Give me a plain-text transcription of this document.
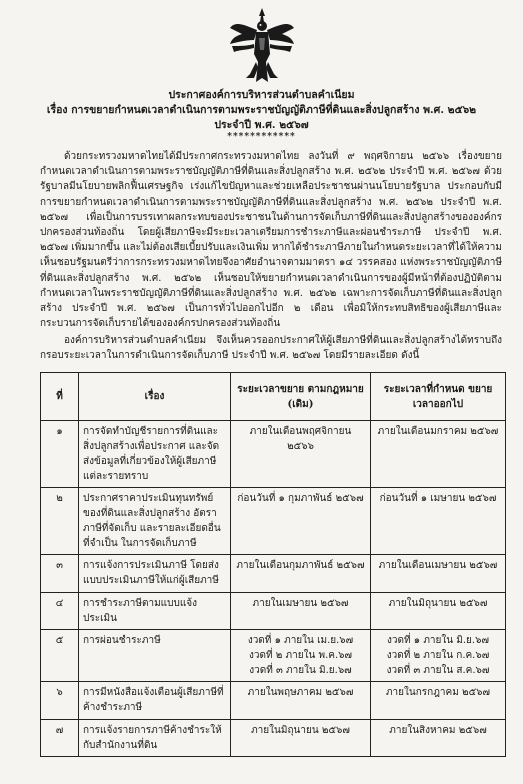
ประกาศองค์การบริหารส่วนตำบลคำเนียม
เรื่อง การขยายกำหนดเวลาดำเนินการตามพระราชบัญญัติภาษีที่ดินและสิ่งปลูกสร้าง พ.ศ. ๒๕๖๒
ประจำปี พ.ศ. ๒๕๖๗
************
ด้วยกระทรวงมหาดไทยได้มีประกาศกระทรวงมหาดไทย ลงวันที่ ๙ พฤศจิกายน ๒๕๖๖ เรื่องขยายกำหนดเวลาดำเนินการตามพระราชบัญญัติภาษีที่ดินและสิ่งปลูกสร้าง พ.ศ. ๒๕๖๒ ประจำปี พ.ศ. ๒๕๖๗ ด้วยรัฐบาลมีนโยบายพลิกฟื้นเศรษฐกิจ เร่งแก้ไขปัญหาและช่วยเหลือประชาชนผ่านนโยบายรัฐบาล ประกอบกับมีการขยายกำหนดเวลาดำเนินการตามพระราชบัญญัติภาษีที่ดินและสิ่งปลูกสร้าง พ.ศ. ๒๕๖๒ ประจำปี พ.ศ. ๒๕๖๗ เพื่อเป็นการบรรเทาผลกระทบของประชาชนในด้านการจัดเก็บภาษีที่ดินและสิ่งปลูกสร้างขององค์กรปกครองส่วนท้องถิ่น โดยผู้เสียภาษีจะมีระยะเวลาเตรียมการชำระภาษีและผ่อนชำระภาษี ประจำปี พ.ศ. ๒๕๖๗ เพิ่มมากขึ้น และไม่ต้องเสียเบี้ยปรับและเงินเพิ่ม หากได้ชำระภาษีภายในกำหนดระยะเวลาที่ได้ให้ความเห็นชอบรัฐมนตรีว่าการกระทรวงมหาดไทยจึงอาศัยอำนาจตามมาตรา ๑๔ วรรคสอง แห่งพระราชบัญญัติภาษีที่ดินและสิ่งปลูกสร้าง พ.ศ. ๒๕๖๒ เห็นชอบให้ขยายกำหนดเวลาดำเนินการของผู้มีหน้าที่ต้องปฏิบัติตามกำหนดเวลาในพระราชบัญญัติภาษีที่ดินและสิ่งปลูกสร้าง พ.ศ. ๒๕๖๒ เฉพาะการจัดเก็บภาษีที่ดินและสิ่งปลูกสร้าง ประจำปี พ.ศ. ๒๕๖๗ เป็นการทั่วไปออกไปอีก ๒ เดือน เพื่อมิให้กระทบสิทธิของผู้เสียภาษีและกระบวนการจัดเก็บรายได้ขององค์กรปกครองส่วนท้องถิ่น
องค์การบริหารส่วนตำบลคำเนียม จึงเห็นควรออกประกาศให้ผู้เสียภาษีที่ดินและสิ่งปลูกสร้างได้ทราบถึงกรอบระยะเวลาในการดำเนินการจัดเก็บภาษี ประจำปี พ.ศ. ๒๕๖๗ โดยมีรายละเอียด ดังนี้
ที่	เรื่อง	ระยะเวลาขยาย ตามกฎหมาย (เดิม)	ระยะเวลาที่กำหนด ขยายเวลาออกไป
๑	การจัดทำบัญชีรายการที่ดินและสิ่งปลูกสร้างเพื่อประกาศ และจัดส่งข้อมูลที่เกี่ยวข้องให้ผู้เสียภาษีแต่ละรายทราบ	ภายในเดือนพฤศจิกายน ๒๕๖๖	ภายในเดือนมกราคม ๒๕๖๗

๒	ประกาศราคาประเมินทุนทรัพย์ของที่ดินและสิ่งปลูกสร้าง อัตราภาษีที่จัดเก็บ และรายละเอียดอื่นที่จำเป็น ในการจัดเก็บภาษี	ก่อนวันที่ ๑ กุมภาพันธ์ ๒๕๖๗	ก่อนวันที่ ๑ เมษายน ๒๕๖๗

๓	การแจ้งการประเมินภาษี โดยส่งแบบประเมินภาษีให้แก่ผู้เสียภาษี	ภายในเดือนกุมภาพันธ์ ๒๕๖๗	ภายในเดือนเมษายน ๒๕๖๗

๔	การชำระภาษีตามแบบแจ้งประเมิน	ภายในเมษายน ๒๕๖๗	ภายในมิถุนายน ๒๕๖๗

๕	การผ่อนชำระภาษี	งวดที่ ๑ ภายใน เม.ย.๖๗
งวดที่ ๒ ภายใน พ.ค.๖๗
งวดที่ ๓ ภายใน มิ.ย.๖๗	งวดที่ ๑ ภายใน มิ.ย.๖๗
งวดที่ ๒ ภายใน ก.ค.๖๗
งวดที่ ๓ ภายใน ส.ค.๖๗

๖	การมีหนังสือแจ้งเตือนผู้เสียภาษีที่ค้างชำระภาษี	ภายในพฤษภาคม ๒๕๖๗	ภายในกรกฎาคม ๒๕๖๗

๗	การแจ้งรายการภาษีค้างชำระให้กับสำนักงานที่ดิน	ภายในมิถุนายน ๒๕๖๗	ภายในสิงหาคม ๒๕๖๗
